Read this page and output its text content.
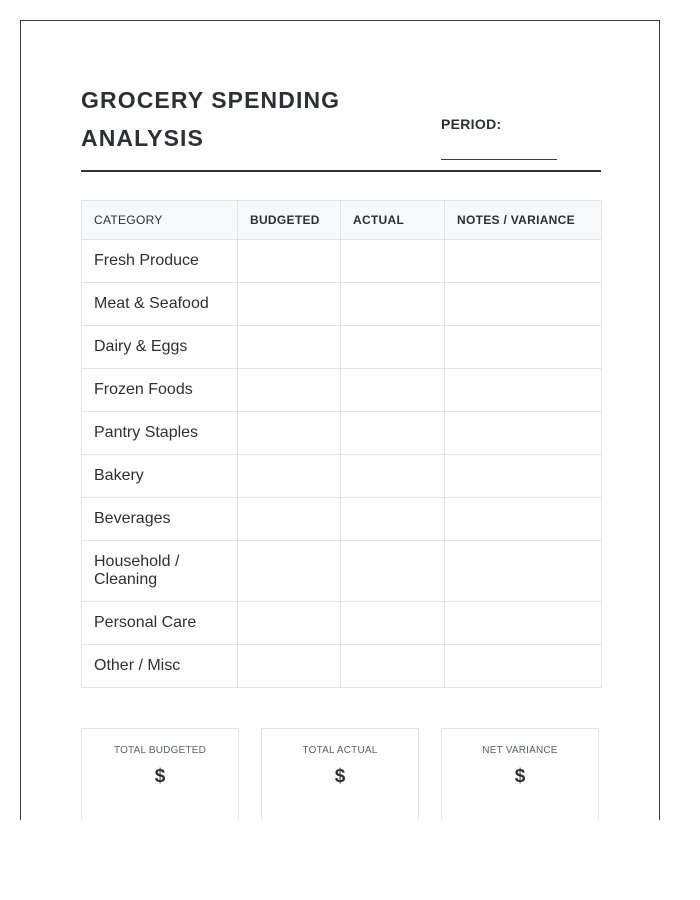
GROCERY SPENDING ANALYSIS
PERIOD:
CATEGORY	BUDGETED	ACTUAL	NOTES / VARIANCE
Fresh Produce			
Meat & Seafood			
Dairy & Eggs			
Frozen Foods			
Pantry Staples			
Bakery			
Beverages			
Household / Cleaning			
Personal Care			
Other / Misc			
TOTAL BUDGETED
$
TOTAL ACTUAL
$
NET VARIANCE
$
